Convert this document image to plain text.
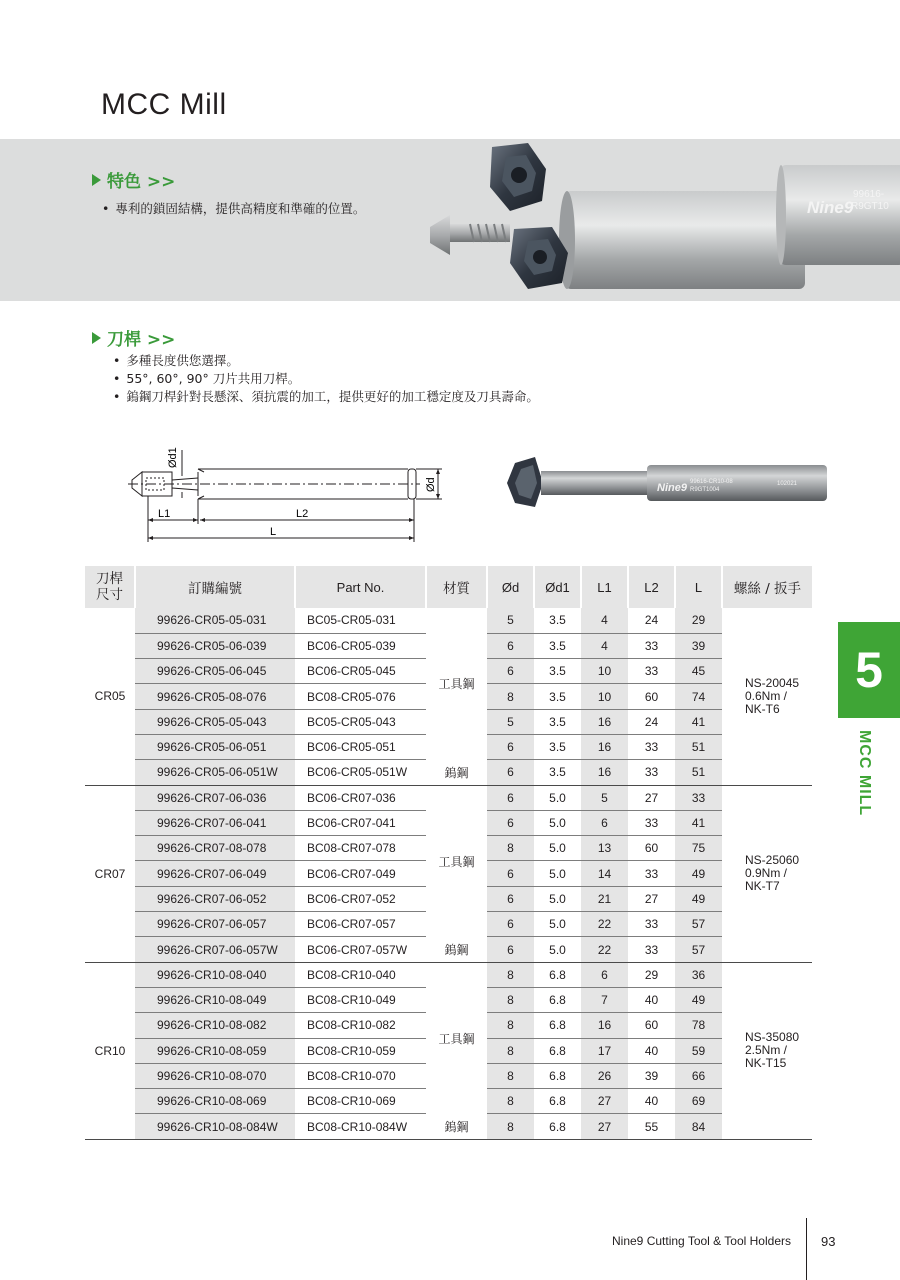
MCC Mill
特色 >>
• 專利的鎖固結構，提供高精度和準確的位置。	Nine9
99616-
R9GT10
刀桿 >>
• 多種長度供您選擇。
• 55°, 60°, 90° 刀片共用刀桿。
• 鎢鋼刀桿針對長懸深、須抗震的加工，提供更好的加工穩定度及刀具壽命。
Ød1
Ød
L1	L2
L
Nine9 99616-CR10-08
R9GT1004
102021
刀桿
尺寸	訂購編號	Part No.	材質	Ød	Ød1	L1	L2	L	螺絲 / 扳手
CR05	99626-CR05-05-031	BC05-CR05-031	工具鋼	5	3.5	4	24	29	NS-20045
0.6Nm /
NK-T6
	99626-CR05-06-039	BC06-CR05-039		6	3.5	4	33	39	
	99626-CR05-06-045	BC06-CR05-045		6	3.5	10	33	45	
	99626-CR05-08-076	BC08-CR05-076		8	3.5	10	60	74	
	99626-CR05-05-043	BC05-CR05-043		5	3.5	16	24	41	
	99626-CR05-06-051	BC06-CR05-051		6	3.5	16	33	51	
	99626-CR05-06-051W	BC06-CR05-051W	鎢鋼	6	3.5	16	33	51	
CR07	99626-CR07-06-036	BC06-CR07-036	工具鋼	6	5.0	5	27	33	NS-25060
0.9Nm /
NK-T7
	99626-CR07-06-041	BC06-CR07-041		6	5.0	6	33	41	
	99626-CR07-08-078	BC08-CR07-078		8	5.0	13	60	75	
	99626-CR07-06-049	BC06-CR07-049		6	5.0	14	33	49	
	99626-CR07-06-052	BC06-CR07-052		6	5.0	21	27	49	
	99626-CR07-06-057	BC06-CR07-057		6	5.0	22	33	57	
	99626-CR07-06-057W	BC06-CR07-057W	鎢鋼	6	5.0	22	33	57	
CR10	99626-CR10-08-040	BC08-CR10-040	工具鋼	8	6.8	6	29	36	NS-35080
2.5Nm /
NK-T15
	99626-CR10-08-049	BC08-CR10-049		8	6.8	7	40	49	
	99626-CR10-08-082	BC08-CR10-082		8	6.8	16	60	78	
	99626-CR10-08-059	BC08-CR10-059		8	6.8	17	40	59	
	99626-CR10-08-070	BC08-CR10-070		8	6.8	26	39	66	
	99626-CR10-08-069	BC08-CR10-069		8	6.8	27	40	69	
	99626-CR10-08-084W	BC08-CR10-084W	鎢鋼	8	6.8	27	55	84	
5
MCC MILL
Nine9 Cutting Tool & Tool Holders 93
